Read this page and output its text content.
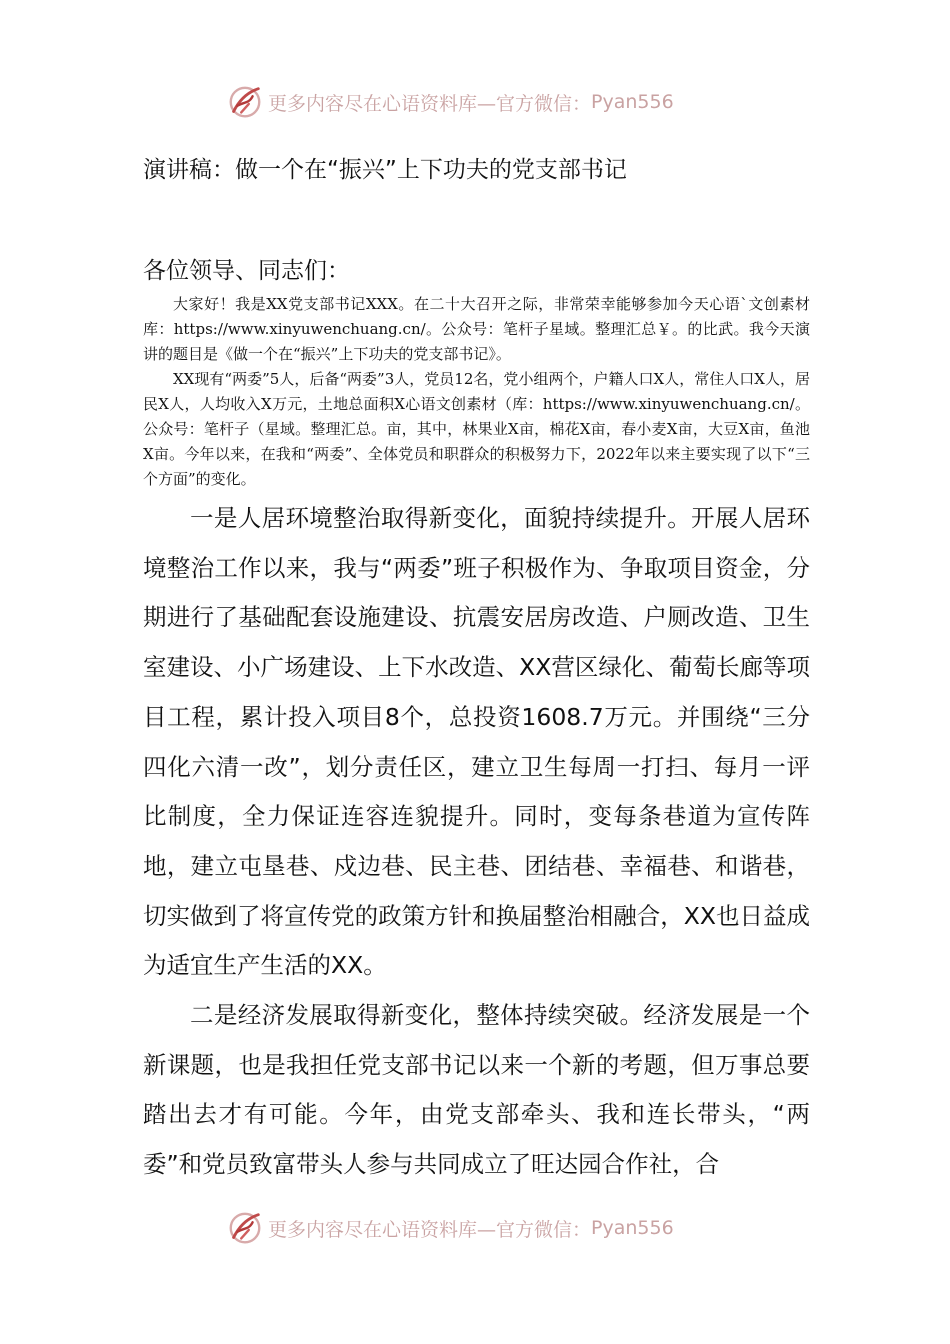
更多内容尽在心语资料库—官方微信： Pyan556
演讲稿：做一个在“振兴”上下功夫的党支部书记
各位领导、同志们：

大家好！我是XX党支部书记XXX。在二十大召开之际，非常荣幸能够参加今天心语`文创素材库：https://www.xinyuwenchuang.cn/。公众号：笔杆子星域。整理汇总￥。的比武。我今天演讲的题目是《做一个在“振兴”上下功夫的党支部书记》。

XX现有“两委”5人，后备“两委”3人，党员12名，党小组两个，户籍人口X人，常住人口X人，居民X人，人均收入X万元，土地总面积X心语文创素材（库：https://www.xinyuwenchuang.cn/。公众号：笔杆子（星域。整理汇总。亩，其中，林果业X亩，棉花X亩，春小麦X亩，大豆X亩，鱼池X亩。今年以来，在我和“两委”、全体党员和职群众的积极努力下，2022年以来主要实现了以下“三个方面”的变化。

一是人居环境整治取得新变化，面貌持续提升。开展人居环境整治工作以来，我与“两委”班子积极作为、争取项目资金，分期进行了基础配套设施建设、抗震安居房改造、户厕改造、卫生室建设、小广场建设、上下水改造、XX营区绿化、葡萄长廊等项目工程，累计投入项目8个，总投资1608.7万元。并围绕“三分四化六清一改”，划分责任区，建立卫生每周一打扫、每月一评比制度，全力保证连容连貌提升。同时，变每条巷道为宣传阵地，建立屯垦巷、戍边巷、民主巷、团结巷、幸福巷、和谐巷，切实做到了将宣传党的政策方针和换届整治相融合，XX也日益成为适宜生产生活的XX。

二是经济发展取得新变化，整体持续突破。经济发展是一个新课题，也是我担任党支部书记以来一个新的考题，但万事总要踏出去才有可能。今年，由党支部牵头、我和连长带头，“两委”和党员致富带头人参与共同成立了旺达园合作社，合

更多内容尽在心语资料库—官方微信： Pyan556
